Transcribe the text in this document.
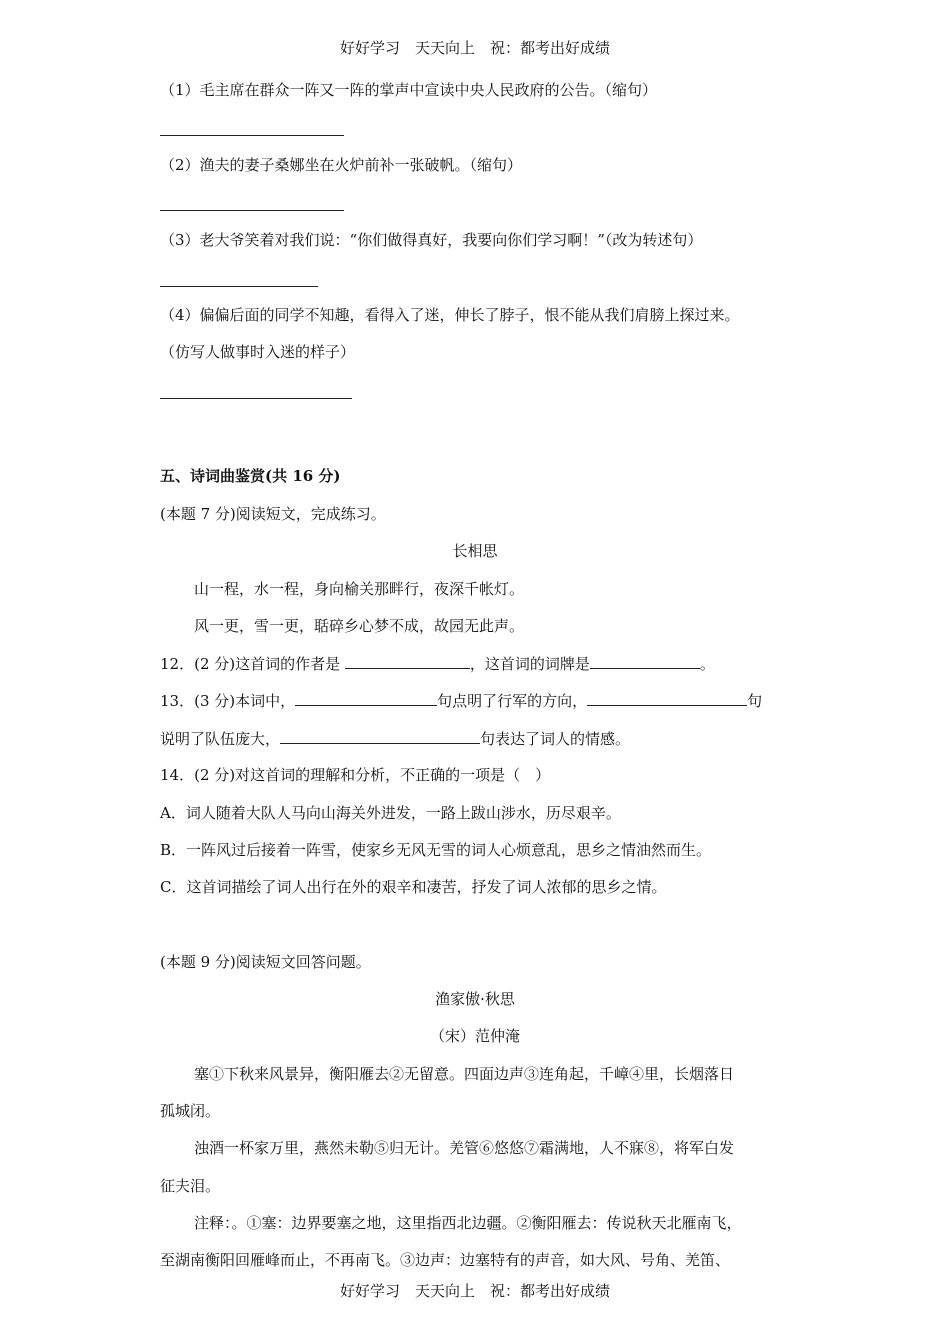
好好学习　天天向上　祝：都考出好成绩
（1）毛主席在群众一阵又一阵的掌声中宣读中央人民政府的公告。（缩句）
（2）渔夫的妻子桑娜坐在火炉前补一张破帆。（缩句）
（3）老大爷笑着对我们说：“你们做得真好，我要向你们学习啊！”（改为转述句）
（4）偏偏后面的同学不知趣，看得入了迷，伸长了脖子，恨不能从我们肩膀上探过来。
（仿写人做事时入迷的样子）
五、诗词曲鉴赏(共 16 分)
(本题 7 分)阅读短文，完成练习。
长相思
山一程，水一程，身向榆关那畔行，夜深千帐灯。
风一更，雪一更，聒碎乡心梦不成，故园无此声。
12．(2 分)这首词的作者是	，这首词的词牌是	。
13．(3 分)本词中，	句点明了行军的方向，	句
说明了队伍庞大，	句表达了词人的情感。
14．(2 分)对这首词的理解和分析，不正确的一项是（　）
A．词人随着大队人马向山海关外进发，一路上跋山涉水，历尽艰辛。
B．一阵风过后接着一阵雪，使家乡无风无雪的词人心烦意乱，思乡之情油然而生。
C．这首词描绘了词人出行在外的艰辛和凄苦，抒发了词人浓郁的思乡之情。
(本题 9 分)阅读短文回答问题。
渔家傲·秋思
（宋）范仲淹
塞①下秋来风景异，衡阳雁去②无留意。四面边声③连角起，千嶂④里，长烟落日
孤城闭。
浊酒一杯家万里，燕然未勒⑤归无计。羌管⑥悠悠⑦霜满地，人不寐⑧，将军白发
征夫泪。
注释：。①塞：边界要塞之地，这里指西北边疆。②衡阳雁去：传说秋天北雁南飞，
至湖南衡阳回雁峰而止，不再南飞。③边声：边塞特有的声音，如大风、号角、羌笛、
好好学习　天天向上　祝：都考出好成绩
